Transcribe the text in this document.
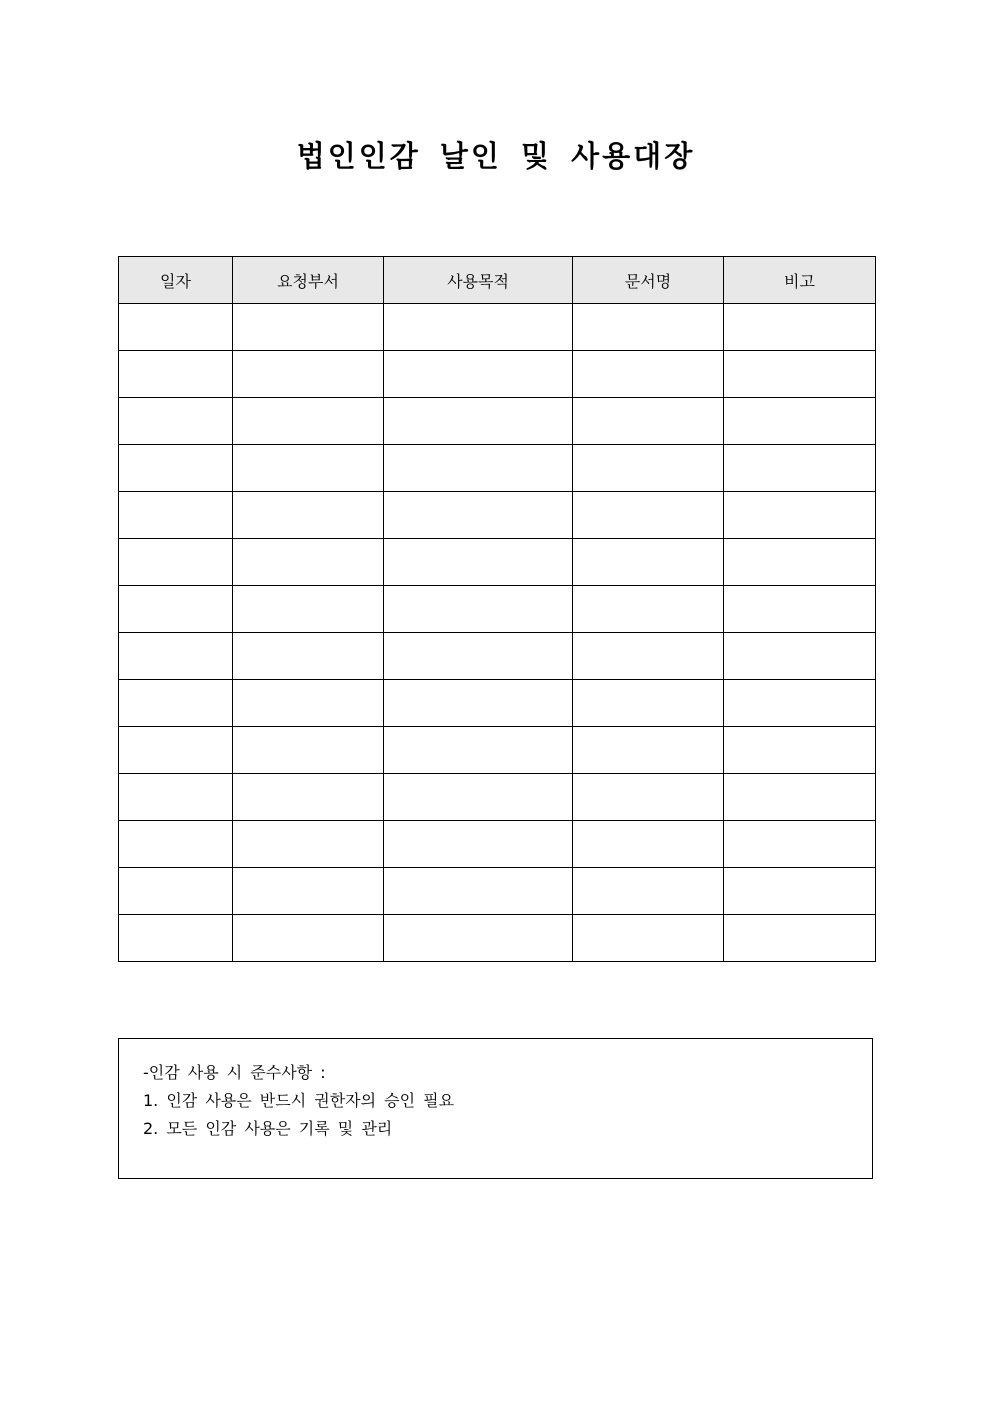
법인인감 날인 및 사용대장
일자	요청부서	사용목적	문서명	비고

-인감 사용 시 준수사항 :
1. 인감 사용은 반드시 권한자의 승인 필요
2. 모든 인감 사용은 기록 및 관리
